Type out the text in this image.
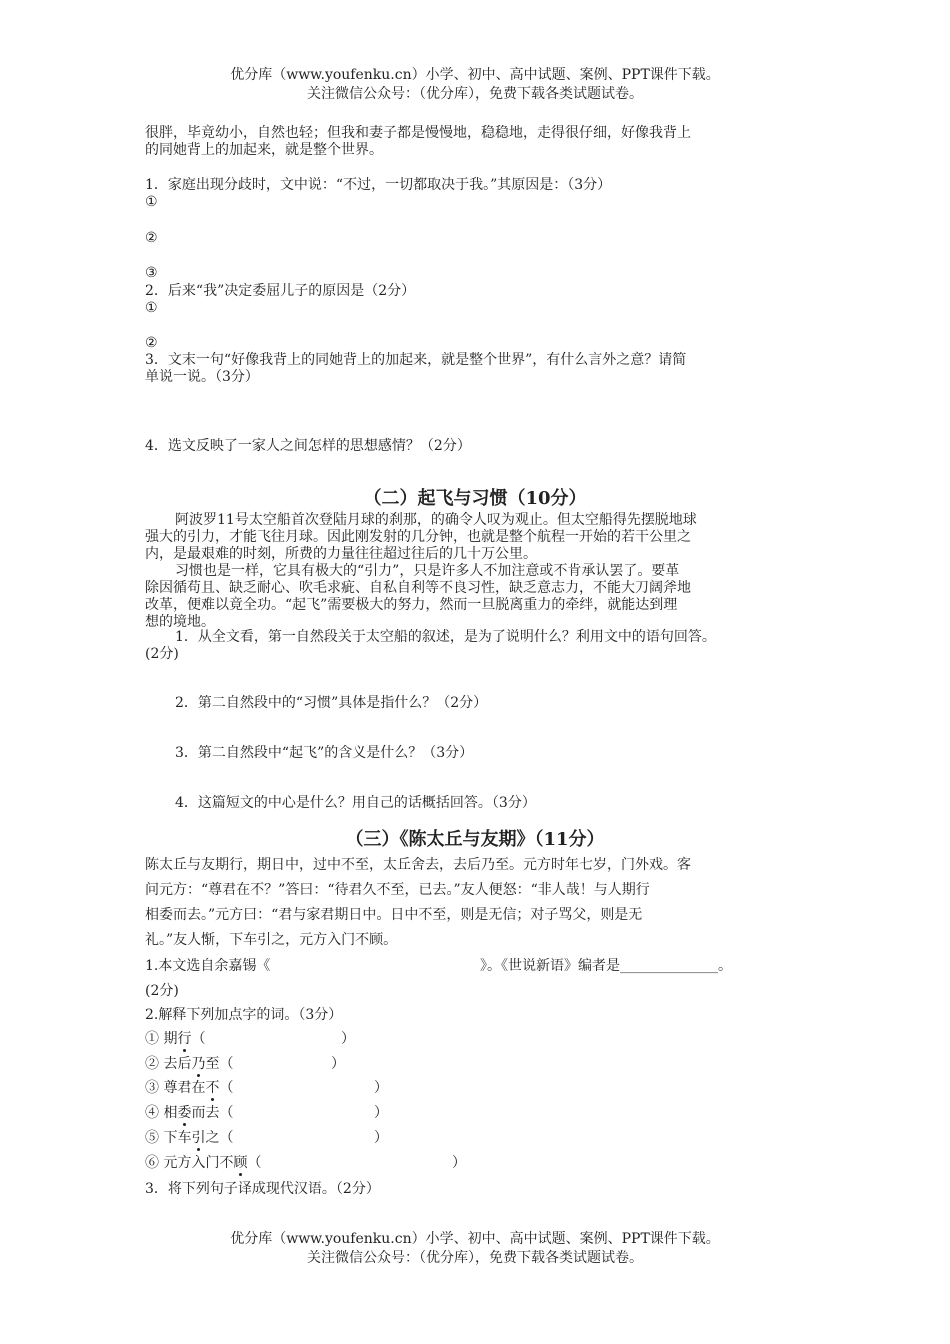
优分库（www.youfenku.cn）小学、初中、高中试题、案例、PPT课件下载。
关注微信公众号：（优分库），免费下载各类试题试卷。
很胖，毕竟幼小，自然也轻；但我和妻子都是慢慢地，稳稳地，走得很仔细，好像我背上
的同她背上的加起来，就是整个世界。
1．家庭出现分歧时，文中说：“不过，一切都取决于我。”其原因是：（3分）
①
②
③
2．后来“我”决定委屈儿子的原因是（2分）
①
②
3．文末一句“好像我背上的同她背上的加起来，就是整个世界”，有什么言外之意？请简
单说一说。（3分）
4．选文反映了一家人之间怎样的思想感情？（2分）
（二）起飞与习惯（10分）
阿波罗11号太空船首次登陆月球的刹那，的确令人叹为观止。但太空船得先摆脱地球
强大的引力，才能飞往月球。因此刚发射的几分钟，也就是整个航程一开始的若干公里之
内，是最艰难的时刻，所费的力量往往超过往后的几十万公里。
习惯也是一样，它具有极大的“引力”，只是许多人不加注意或不肯承认罢了。要革
除因循苟且、缺乏耐心、吹毛求疵、自私自利等不良习性，缺乏意志力，不能大刀阔斧地
改革，便难以竟全功。“起飞”需要极大的努力，然而一旦脱离重力的牵绊，就能达到理
想的境地。
1．从全文看，第一自然段关于太空船的叙述，是为了说明什么？利用文中的语句回答。
(2分)
2．第二自然段中的“习惯”具体是指什么？（2分）
3．第二自然段中“起飞”的含义是什么？（3分）
4．这篇短文的中心是什么？用自己的话概括回答。（3分）
（三）《陈太丘与友期》（11分）
陈太丘与友期行，期日中，过中不至，太丘舍去，去后乃至。元方时年七岁，门外戏。客
问元方：“尊君在不？”答曰：“待君久不至，已去。”友人便怒：“非人哉！与人期行
相委而去。”元方曰：“君与家君期日中。日中不至，则是无信；对子骂父，则是无
礼。”友人惭，下车引之，元方入门不顾。
1.本文选自余嘉锡《	》。《世说新语》编者是______________。
(2分)
2.解释下列加点字的词。（3分）
① 期行（	）
② 去后乃至（	）
③ 尊君在不（	）
④ 相委而去（	）
⑤ 下车引之（	）
⑥ 元方入门不顾（	）
3．将下列句子译成现代汉语。（2分）
优分库（www.youfenku.cn）小学、初中、高中试题、案例、PPT课件下载。
关注微信公众号：（优分库），免费下载各类试题试卷。
